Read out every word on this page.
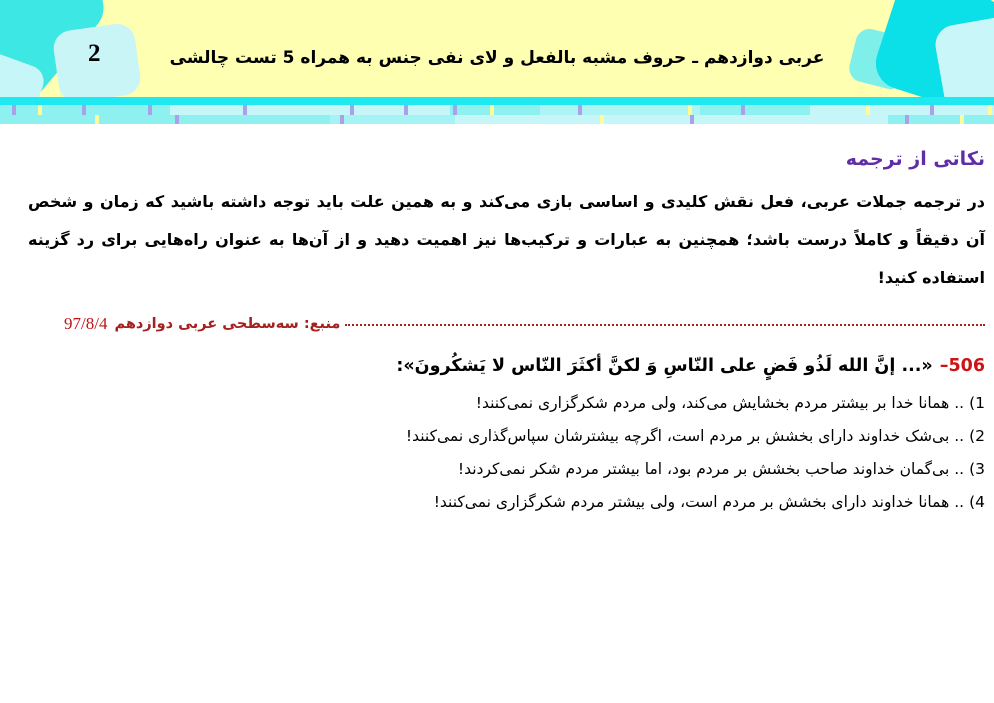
2	عربی دوازدهم ـ حروف مشبه بالفعل و لای نفی جنس به همراه 5 تست چالشی
نکاتی از ترجمه
در ترجمه جملات عربی، فعل نقش کلیدی و اساسی بازی می‌کند و به همین علت باید توجه داشته باشید که زمان و شخص آن دقیقاً و کاملاً درست باشد؛ همچنین به عبارات و ترکیب‌ها نیز اهمیت دهید و از آن‌ها به عنوان راه‌هایی برای رد گزینه استفاده کنید!
منبع: سه‌سطحی عربی دوازدهم
97/8/4
506–«... إنَّ الله لَذُو فَضٍ علی النّاسِ وَ لکنَّ أکثَرَ النّاس لا یَشکُرونَ»:
1).. همانا خدا بر بیشتر مردم بخشایش می‌کند، ولی مردم شکرگزاری نمی‌کنند!
2).. بی‌شک خداوند دارای بخشش بر مردم است، اگرچه بیشترشان سپاس‌گذاری نمی‌کنند!
3).. بی‌گمان خداوند صاحب بخشش بر مردم بود، اما بیشتر مردم شکر نمی‌کردند!
4).. همانا خداوند دارای بخشش بر مردم است، ولی بیشتر مردم شکرگزاری نمی‌کنند!
